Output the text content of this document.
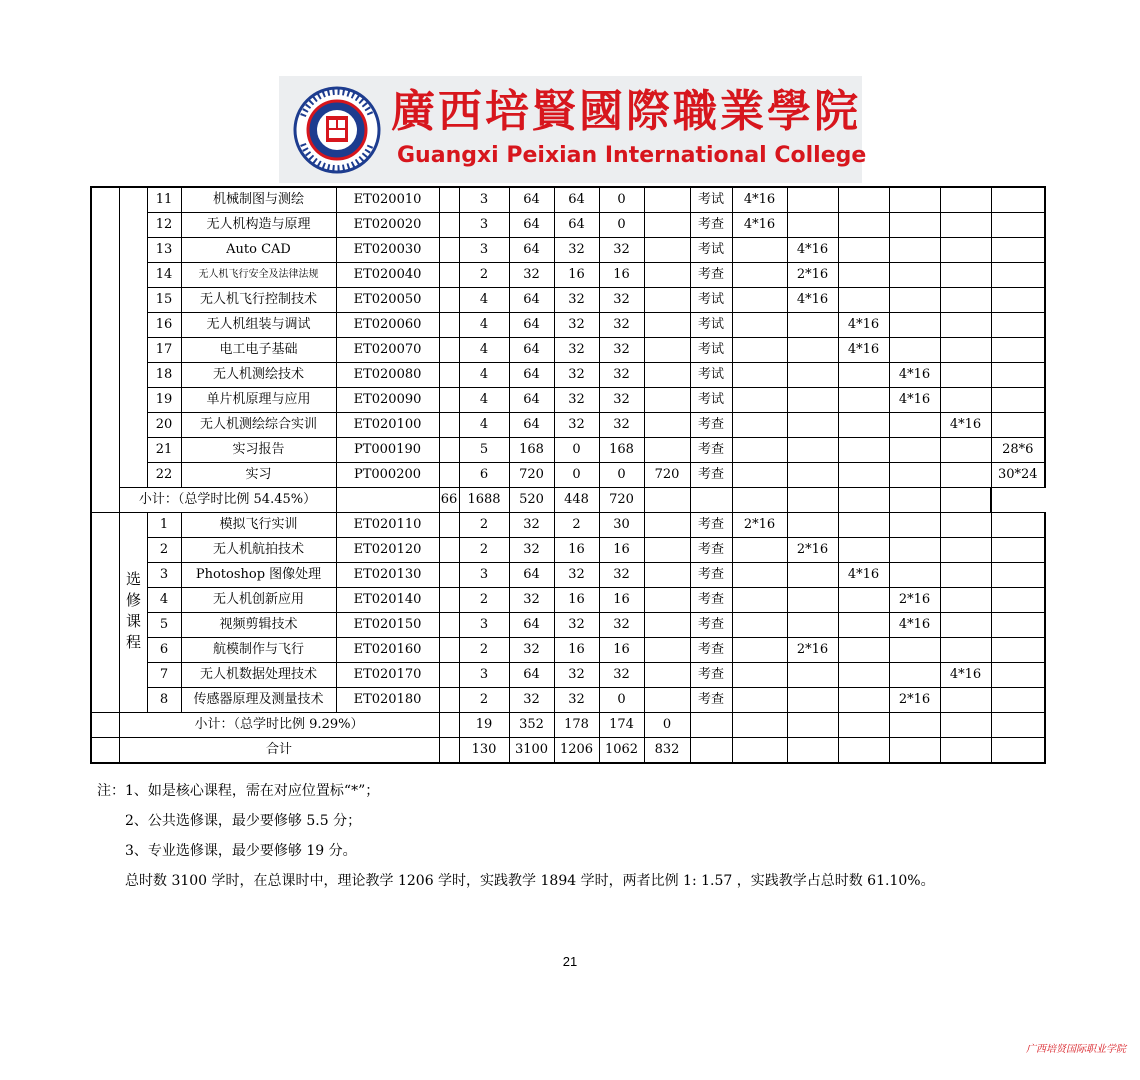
廣西培賢國際職業學院
Guangxi Peixian International College
		11	机械制图与测绘	ET020010		3	64	64	0		考试	4*16					
		12	无人机构造与原理	ET020020		3	64	64	0		考查	4*16					
		13	Auto CAD	ET020030		3	64	32	32		考试		4*16				
		14	无人机飞行安全及法律法规	ET020040		2	32	16	16		考查		2*16				
		15	无人机飞行控制技术	ET020050		4	64	32	32		考试		4*16				
		16	无人机组装与调试	ET020060		4	64	32	32		考试			4*16			
		17	电工电子基础	ET020070		4	64	32	32		考试			4*16			
		18	无人机测绘技术	ET020080		4	64	32	32		考试				4*16		
		19	单片机原理与应用	ET020090		4	64	32	32		考试				4*16		
		20	无人机测绘综合实训	ET020100		4	64	32	32		考查					4*16	
		21	实习报告	PT000190		5	168	0	168		考查						28*6
		22	实习	PT000200		6	720	0	0	720	考查						30*24
	小计：（总学时比例 54.45%）				66	1688	520	448	720								
	选修课程	1	模拟飞行实训	ET020110		2	32	2	30		考查	2*16					
		2	无人机航拍技术	ET020120		2	32	16	16		考查		2*16				
		3	Photoshop 图像处理	ET020130		3	64	32	32		考查			4*16			
		4	无人机创新应用	ET020140		2	32	16	16		考查				2*16		
		5	视频剪辑技术	ET020150		3	64	32	32		考查				4*16		
		6	航模制作与飞行	ET020160		2	32	16	16		考查		2*16				
		7	无人机数据处理技术	ET020170		3	64	32	32		考查					4*16	
		8	传感器原理及测量技术	ET020180		2	32	32	0		考查				2*16		
	小计：（总学时比例 9.29%）					19	352	178	174	0							
	合计					130	3100	1206	1062	832							
注：1、如是核心课程，需在对应位置标“*”；
2、公共选修课，最少要修够 5.5 分；
3、专业选修课，最少要修够 19 分。
总时数 3100 学时，在总课时中，理论教学 1206 学时，实践教学 1894 学时，两者比例 1: 1.57 ，实践教学占总时数 61.10%。
21
广西培贤国际职业学院
